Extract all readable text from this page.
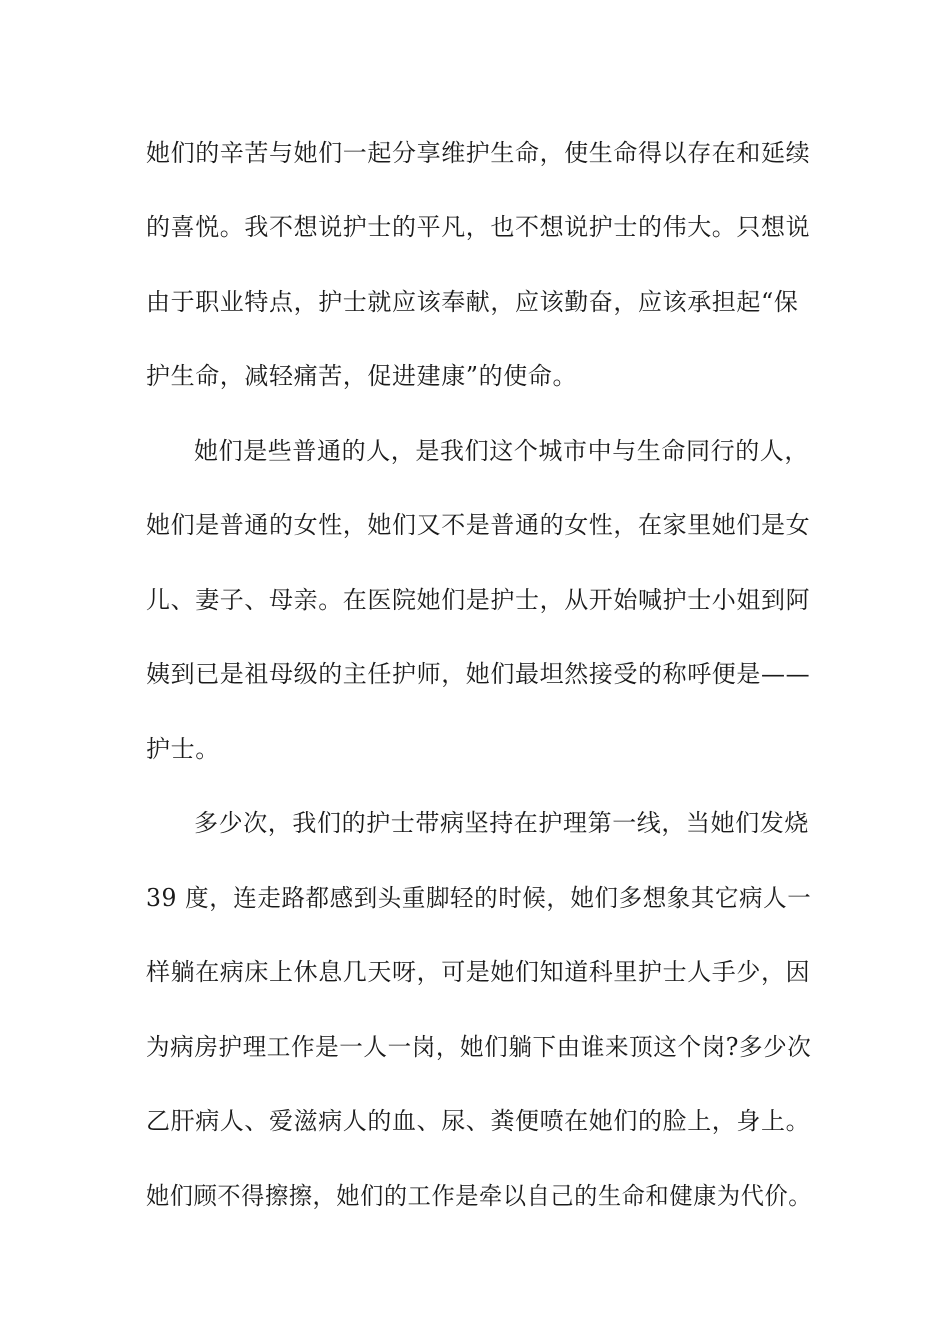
她们的辛苦与她们一起分享维护生命，使生命得以存在和延续
的喜悦。我不想说护士的平凡，也不想说护士的伟大。只想说
由于职业特点，护士就应该奉献，应该勤奋，应该承担起“保
护生命，减轻痛苦，促进建康”的使命。
她们是些普通的人，是我们这个城市中与生命同行的人，
她们是普通的女性，她们又不是普通的女性，在家里她们是女
儿、妻子、母亲。在医院她们是护士，从开始喊护士小姐到阿
姨到已是祖母级的主任护师，她们最坦然接受的称呼便是——
护士。
多少次，我们的护士带病坚持在护理第一线，当她们发烧
39 度，连走路都感到头重脚轻的时候，她们多想象其它病人一
样躺在病床上休息几天呀，可是她们知道科里护士人手少，因
为病房护理工作是一人一岗，她们躺下由谁来顶这个岗?多少次
乙肝病人、爱滋病人的血、尿、粪便喷在她们的脸上，身上。
她们顾不得擦擦，她们的工作是牵以自己的生命和健康为代价。
